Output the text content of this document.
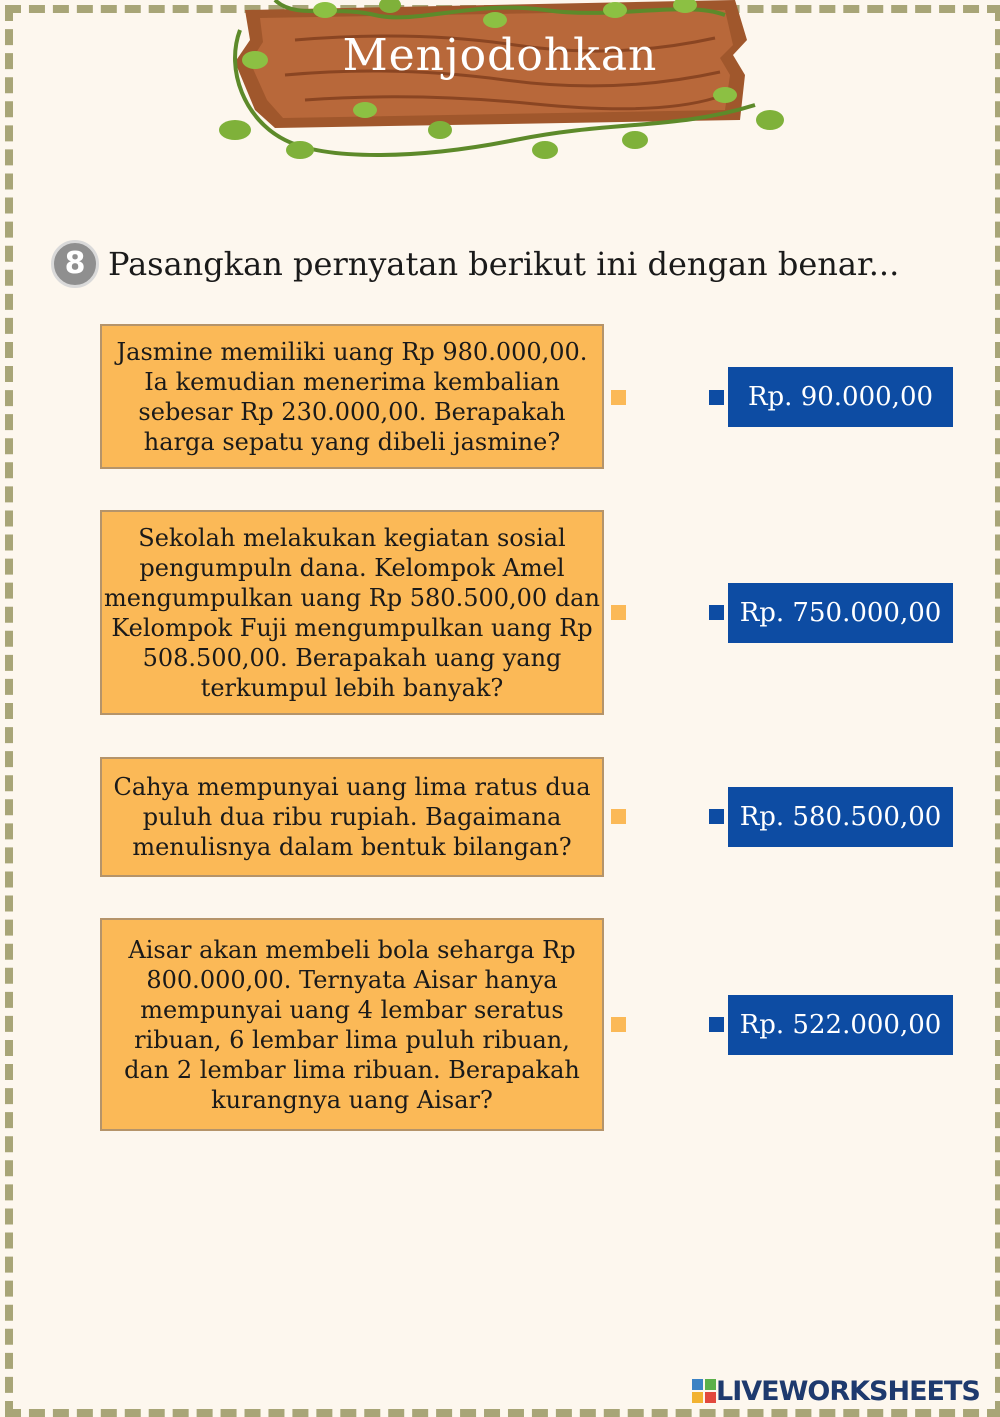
Menjodohkan
8 Pasangkan pernyatan berikut ini dengan benar...
Jasmine memiliki uang Rp 980.000,00. Ia kemudian menerima kembalian sebesar Rp 230.000,00. Berapakah harga sepatu yang dibeli jasmine?
Sekolah melakukan kegiatan sosial pengumpuln dana. Kelompok Amel mengumpulkan uang Rp 580.500,00 dan Kelompok Fuji mengumpulkan uang Rp 508.500,00. Berapakah uang yang terkumpul lebih banyak?
Cahya mempunyai uang lima ratus dua puluh dua ribu rupiah. Bagaimana menulisnya dalam bentuk bilangan?
Aisar akan membeli bola seharga Rp 800.000,00. Ternyata Aisar hanya mempunyai uang 4 lembar seratus ribuan, 6 lembar lima puluh ribuan, dan 2 lembar lima ribuan. Berapakah kurangnya uang Aisar?
Rp. 90.000,00
Rp. 750.000,00
Rp. 580.500,00
Rp. 522.000,00
LIVEWORKSHEETS
